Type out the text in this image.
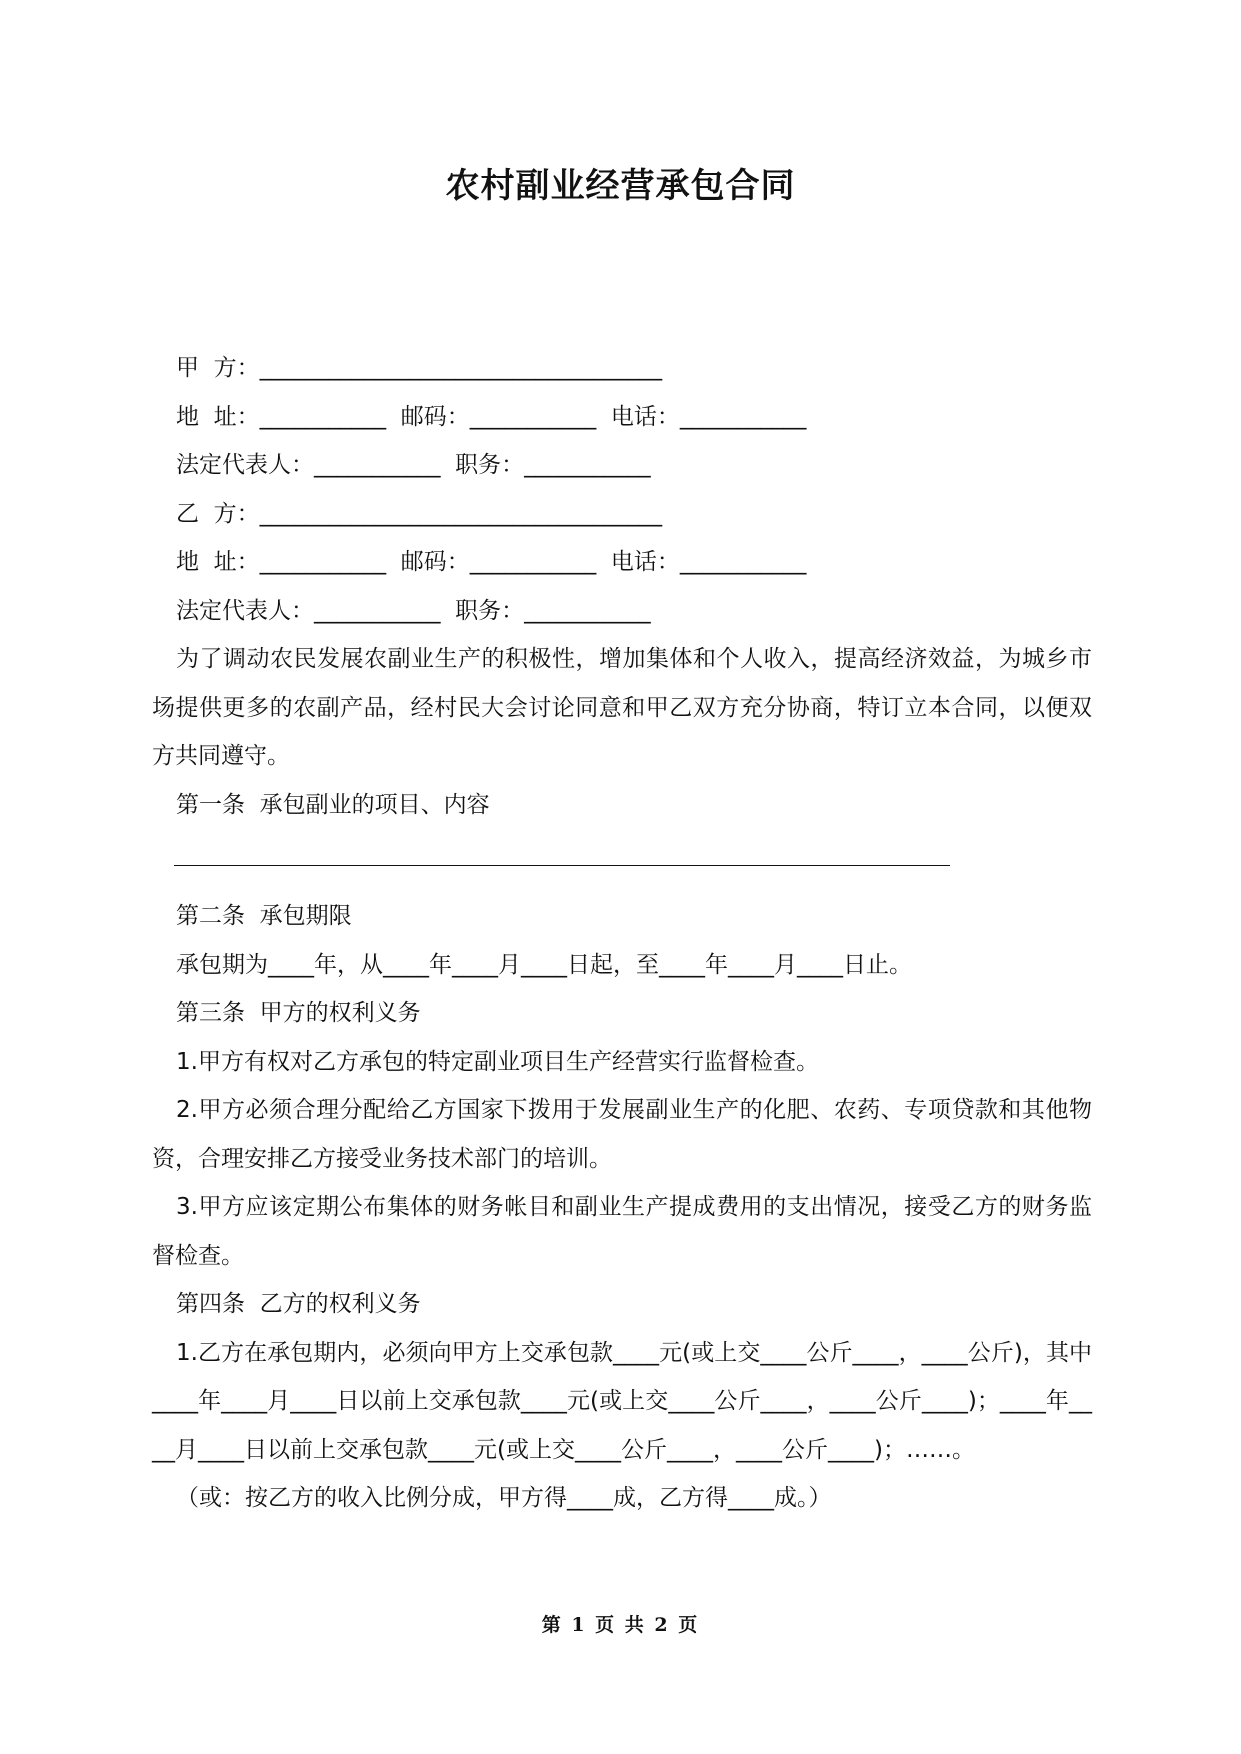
农村副业经营承包合同

甲  方：___________________________________

地  址：___________  邮码：___________  电话：___________

法定代表人：___________  职务：___________

乙  方：___________________________________

地  址：___________  邮码：___________  电话：___________

法定代表人：___________  职务：___________

为了调动农民发展农副业生产的积极性，增加集体和个人收入，提高经济效益，为城乡市场提供更多的农副产品，经村民大会讨论同意和甲乙双方充分协商，特订立本合同，以便双方共同遵守。

第一条  承包副业的项目、内容

第二条  承包期限

承包期为____年，从____年____月____日起，至____年____月____日止。

第三条  甲方的权利义务

1.甲方有权对乙方承包的特定副业项目生产经营实行监督检查。

2.甲方必须合理分配给乙方国家下拨用于发展副业生产的化肥、农药、专项贷款和其他物资，合理安排乙方接受业务技术部门的培训。

3.甲方应该定期公布集体的财务帐目和副业生产提成费用的支出情况，接受乙方的财务监督检查。

第四条  乙方的权利义务

1.乙方在承包期内，必须向甲方上交承包款____元(或上交____公斤____，____公斤)，其中____年____月____日以前上交承包款____元(或上交____公斤____，____公斤____)；____年____月____日以前上交承包款____元(或上交____公斤____，____公斤____)；……。

（或：按乙方的收入比例分成，甲方得____成，乙方得____成。）

第 1 页 共 2 页
